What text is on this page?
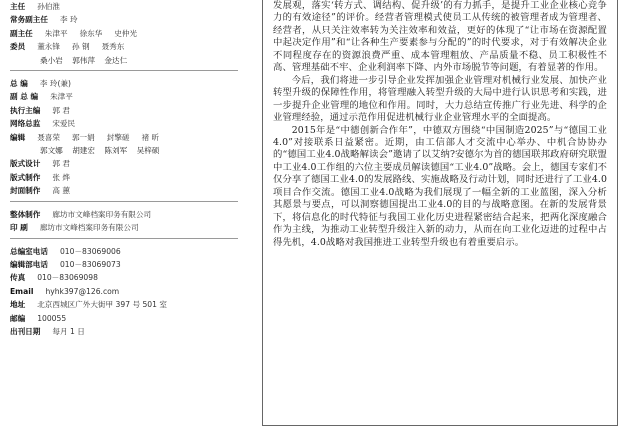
主任 孙伯淮
常务副主任 李 玲
副主任 朱津平 徐东华 史仲光
委员 董永锋 孙 钢 聂秀东
桑小岩 郭伟萍 金达仁
总 编 李 玲(兼)
副 总 编 朱津平
执行主编 郭 君
网络总监 宋爱民
编辑 聂喜荣 郭一娟 封擎磋 褚 昕
郭文娜 胡建宏 陈刘军 吴梓硕
版式设计 郭 君
版式制作 张 烨
封面制作 高 蕙
整体制作 廊坊市文峰档案印务有限公司
印 刷 廊坊市文峰档案印务有限公司
总编室电话 010－83069006
编辑部电话 010－83069073
传真 010－83069098
Email hyhk397@126.com
地址 北京西城区广外大街甲 397 号 501 室
邮编 100055
出刊日期 每月 1 日

发展观，落实‘转方式、调结构、促升级’的有力抓手，是提升工业企业核心竞争力的有效途径”的评价。经营者管理模式使员工从传统的被管理者成为管理者、经营者，从只关注效率转为关注效率和效益，更好的体现了“让市场在资源配置中起决定作用”和“让各种生产要素参与分配的”的时代要求，对于有效解决企业不同程度存在的资源浪费严重、成本管理粗放、产品质量不稳、员工积极性不高、管理基础不牢、企业利润率下降、内外市场脱节等问题，有着显著的作用。

今后，我们将进一步引导企业发挥加强企业管理对机械行业发展、加快产业转型升级的保障性作用，将管理融入转型升级的大局中进行认识思考和实践，进一步提升企业管理的地位和作用。同时，大力总结宣传推广行业先进、科学的企业管理经验，通过示范作用促进机械行业企业管理水平的全面提高。

2015年是“中德创新合作年”，中德双方围绕“中国制造2025”与“德国工业4.0”对接联系日益紧密。近期，由工信部人才交流中心举办、中机合协协办的“德国工业4.0战略解读会”邀请了以艾纳?安德尔为首的德国联邦政府研究联盟中工业4.0工作组的六位主要成员解读德国“工业4.0”战略。会上，德国专家们不仅分享了德国工业4.0的发展路线、实施战略及行动计划，同时还进行了工业4.0项目合作交流。德国工业4.0战略为我们展现了一幅全新的工业蓝图，深入分析其愿景与要点，可以洞察德国提出工业4.0的目的与战略意图。在新的发展背景下，将信息化的时代特征与我国工业化历史进程紧密结合起来，把两化深度融合作为主线，为推动工业转型升级注入新的动力，从而在向工业化迈进的过程中占得先机，4.0战略对我国推进工业转型升级也有着重要启示。
